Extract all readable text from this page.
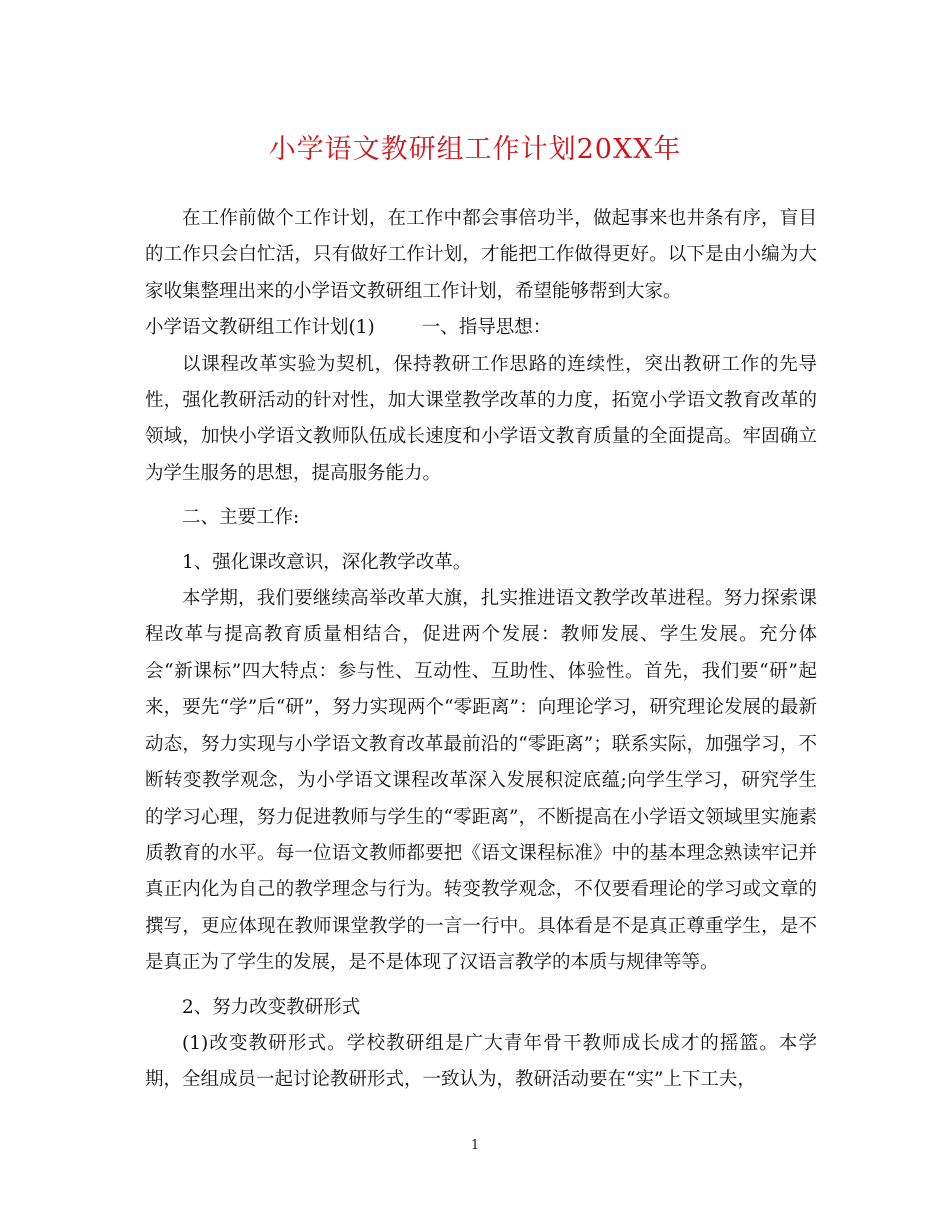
小学语文教研组工作计划20XX年

在工作前做个工作计划，在工作中都会事倍功半，做起事来也井条有序，盲目的工作只会白忙活，只有做好工作计划，才能把工作做得更好。以下是由小编为大家收集整理出来的小学语文教研组工作计划，希望能够帮到大家。

小学语文教研组工作计划(1)	一、指导思想：

以课程改革实验为契机，保持教研工作思路的连续性，突出教研工作的先导性，强化教研活动的针对性，加大课堂教学改革的力度，拓宽小学语文教育改革的领域，加快小学语文教师队伍成长速度和小学语文教育质量的全面提高。牢固确立为学生服务的思想，提高服务能力。

二、主要工作:

1、强化课改意识，深化教学改革。

本学期，我们要继续高举改革大旗，扎实推进语文教学改革进程。努力探索课程改革与提高教育质量相结合，促进两个发展：教师发展、学生发展。充分体会“新课标”四大特点：参与性、互动性、互助性、体验性。首先，我们要“研”起来，要先“学”后“研”，努力实现两个“零距离”：向理论学习，研究理论发展的最新动态，努力实现与小学语文教育改革最前沿的“零距离”；联系实际，加强学习，不断转变教学观念，为小学语文课程改革深入发展积淀底蕴;向学生学习，研究学生的学习心理，努力促进教师与学生的“零距离”，不断提高在小学语文领域里实施素质教育的水平。每一位语文教师都要把《语文课程标准》中的基本理念熟读牢记并真正内化为自己的教学理念与行为。转变教学观念，不仅要看理论的学习或文章的撰写，更应体现在教师课堂教学的一言一行中。具体看是不是真正尊重学生，是不是真正为了学生的发展，是不是体现了汉语言教学的本质与规律等等。

2、努力改变教研形式

(1)改变教研形式。学校教研组是广大青年骨干教师成长成才的摇篮。本学期，全组成员一起讨论教研形式，一致认为，教研活动要在“实”上下工夫，

1
